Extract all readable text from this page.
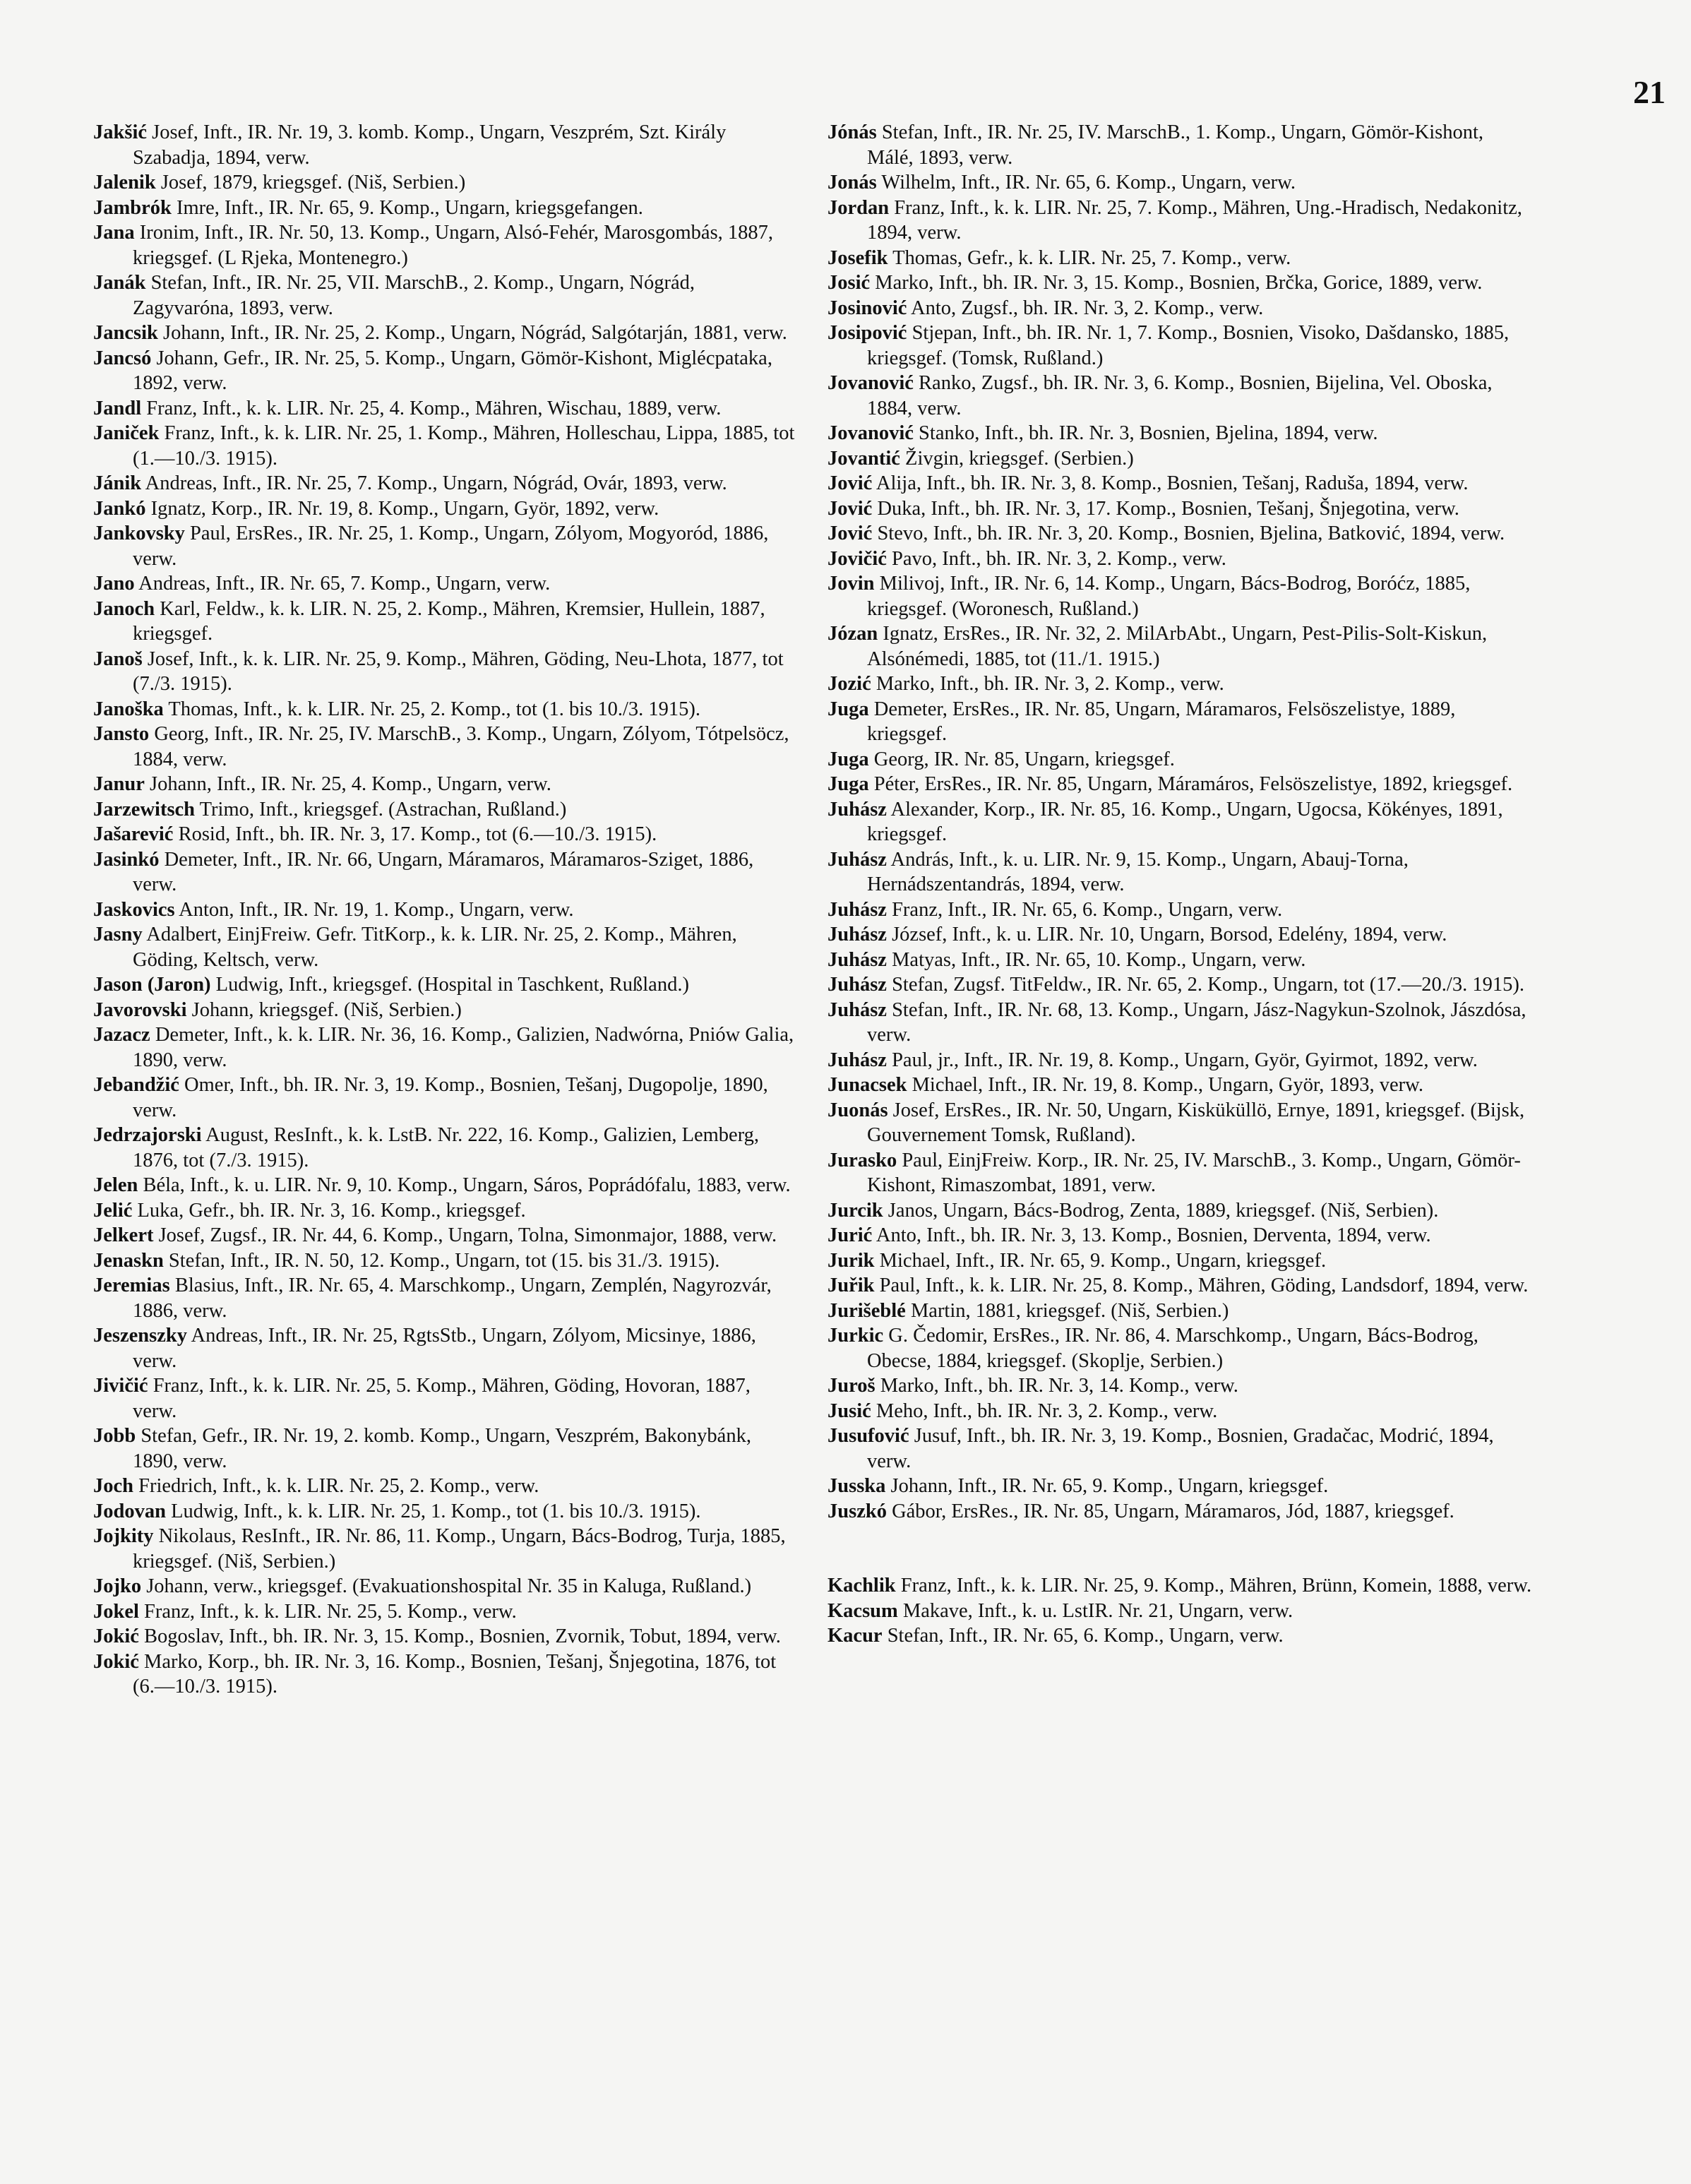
21

Jakšić Josef, Inft., IR. Nr. 19, 3. komb. Komp., Ungarn, Veszprém, Szt. Király Szabadja, 1894, verw.

Jalenik Josef, 1879, kriegsgef. (Niš, Serbien.)

Jambrók Imre, Inft., IR. Nr. 65, 9. Komp., Ungarn, kriegsgefangen.

Jana Ironim, Inft., IR. Nr. 50, 13. Komp., Ungarn, Alsó-Fehér, Marosgombás, 1887, kriegsgef. (L Rjeka, Montenegro.)

Janák Stefan, Inft., IR. Nr. 25, VII. MarschB., 2. Komp., Ungarn, Nógrád, Zagyvaróna, 1893, verw.

Jancsik Johann, Inft., IR. Nr. 25, 2. Komp., Ungarn, Nógrád, Salgótarján, 1881, verw.

Jancsó Johann, Gefr., IR. Nr. 25, 5. Komp., Ungarn, Gömör-Kishont, Miglécpataka, 1892, verw.

Jandl Franz, Inft., k. k. LIR. Nr. 25, 4. Komp., Mähren, Wischau, 1889, verw.

Janiček Franz, Inft., k. k. LIR. Nr. 25, 1. Komp., Mähren, Holleschau, Lippa, 1885, tot (1.—10./3. 1915).

Jánik Andreas, Inft., IR. Nr. 25, 7. Komp., Ungarn, Nógrád, Ovár, 1893, verw.

Jankó Ignatz, Korp., IR. Nr. 19, 8. Komp., Ungarn, Györ, 1892, verw.

Jankovsky Paul, ErsRes., IR. Nr. 25, 1. Komp., Ungarn, Zólyom, Mogyoród, 1886, verw.

Jano Andreas, Inft., IR. Nr. 65, 7. Komp., Ungarn, verw.

Janoch Karl, Feldw., k. k. LIR. N. 25, 2. Komp., Mähren, Kremsier, Hullein, 1887, kriegsgef.

Janoš Josef, Inft., k. k. LIR. Nr. 25, 9. Komp., Mähren, Göding, Neu-Lhota, 1877, tot (7./3. 1915).

Janoška Thomas, Inft., k. k. LIR. Nr. 25, 2. Komp., tot (1. bis 10./3. 1915).

Jansto Georg, Inft., IR. Nr. 25, IV. MarschB., 3. Komp., Ungarn, Zólyom, Tótpelsöcz, 1884, verw.

Janur Johann, Inft., IR. Nr. 25, 4. Komp., Ungarn, verw.

Jarzewitsch Trimo, Inft., kriegsgef. (Astrachan, Rußland.)

Jašarević Rosid, Inft., bh. IR. Nr. 3, 17. Komp., tot (6.—10./3. 1915).

Jasinkó Demeter, Inft., IR. Nr. 66, Ungarn, Máramaros, Máramaros-Sziget, 1886, verw.

Jaskovics Anton, Inft., IR. Nr. 19, 1. Komp., Ungarn, verw.

Jasny Adalbert, EinjFreiw. Gefr. TitKorp., k. k. LIR. Nr. 25, 2. Komp., Mähren, Göding, Keltsch, verw.

Jason (Jaron) Ludwig, Inft., kriegsgef. (Hospital in Taschkent, Rußland.)

Javorovski Johann, kriegsgef. (Niš, Serbien.)

Jazacz Demeter, Inft., k. k. LIR. Nr. 36, 16. Komp., Galizien, Nadwórna, Pniów Galia, 1890, verw.

Jebandžić Omer, Inft., bh. IR. Nr. 3, 19. Komp., Bosnien, Tešanj, Dugopolje, 1890, verw.

Jedrzajorski August, ResInft., k. k. LstB. Nr. 222, 16. Komp., Galizien, Lemberg, 1876, tot (7./3. 1915).

Jelen Béla, Inft., k. u. LIR. Nr. 9, 10. Komp., Ungarn, Sáros, Poprádófalu, 1883, verw.

Jelić Luka, Gefr., bh. IR. Nr. 3, 16. Komp., kriegsgef.

Jelkert Josef, Zugsf., IR. Nr. 44, 6. Komp., Ungarn, Tolna, Simonmajor, 1888, verw.

Jenaskn Stefan, Inft., IR. N. 50, 12. Komp., Ungarn, tot (15. bis 31./3. 1915).

Jeremias Blasius, Inft., IR. Nr. 65, 4. Marschkomp., Ungarn, Zemplén, Nagyrozvár, 1886, verw.

Jeszenszky Andreas, Inft., IR. Nr. 25, RgtsStb., Ungarn, Zólyom, Micsinye, 1886, verw.

Jivičić Franz, Inft., k. k. LIR. Nr. 25, 5. Komp., Mähren, Göding, Hovoran, 1887, verw.

Jobb Stefan, Gefr., IR. Nr. 19, 2. komb. Komp., Ungarn, Veszprém, Bakonybánk, 1890, verw.

Joch Friedrich, Inft., k. k. LIR. Nr. 25, 2. Komp., verw.

Jodovan Ludwig, Inft., k. k. LIR. Nr. 25, 1. Komp., tot (1. bis 10./3. 1915).

Jojkity Nikolaus, ResInft., IR. Nr. 86, 11. Komp., Ungarn, Bács-Bodrog, Turja, 1885, kriegsgef. (Niš, Serbien.)

Jojko Johann, verw., kriegsgef. (Evakuationshospital Nr. 35 in Kaluga, Rußland.)

Jokel Franz, Inft., k. k. LIR. Nr. 25, 5. Komp., verw.

Jokić Bogoslav, Inft., bh. IR. Nr. 3, 15. Komp., Bosnien, Zvornik, Tobut, 1894, verw.

Jokić Marko, Korp., bh. IR. Nr. 3, 16. Komp., Bosnien, Tešanj, Šnjegotina, 1876, tot (6.—10./3. 1915).

Jónás Stefan, Inft., IR. Nr. 25, IV. MarschB., 1. Komp., Ungarn, Gömör-Kishont, Málé, 1893, verw.

Jonás Wilhelm, Inft., IR. Nr. 65, 6. Komp., Ungarn, verw.

Jordan Franz, Inft., k. k. LIR. Nr. 25, 7. Komp., Mähren, Ung.-Hradisch, Nedakonitz, 1894, verw.

Josefik Thomas, Gefr., k. k. LIR. Nr. 25, 7. Komp., verw.

Josić Marko, Inft., bh. IR. Nr. 3, 15. Komp., Bosnien, Brčka, Gorice, 1889, verw.

Josinović Anto, Zugsf., bh. IR. Nr. 3, 2. Komp., verw.

Josipović Stjepan, Inft., bh. IR. Nr. 1, 7. Komp., Bosnien, Visoko, Dašdansko, 1885, kriegsgef. (Tomsk, Rußland.)

Jovanović Ranko, Zugsf., bh. IR. Nr. 3, 6. Komp., Bosnien, Bijelina, Vel. Oboska, 1884, verw.

Jovanović Stanko, Inft., bh. IR. Nr. 3, Bosnien, Bjelina, 1894, verw.

Jovantić Živgin, kriegsgef. (Serbien.)

Jović Alija, Inft., bh. IR. Nr. 3, 8. Komp., Bosnien, Tešanj, Raduša, 1894, verw.

Jović Duka, Inft., bh. IR. Nr. 3, 17. Komp., Bosnien, Tešanj, Šnjegotina, verw.

Jović Stevo, Inft., bh. IR. Nr. 3, 20. Komp., Bosnien, Bjelina, Batković, 1894, verw.

Jovičić Pavo, Inft., bh. IR. Nr. 3, 2. Komp., verw.

Jovin Milivoj, Inft., IR. Nr. 6, 14. Komp., Ungarn, Bács-Bodrog, Boróćz, 1885, kriegsgef. (Woronesch, Rußland.)

Józan Ignatz, ErsRes., IR. Nr. 32, 2. MilArbAbt., Ungarn, Pest-Pilis-Solt-Kiskun, Alsónémedi, 1885, tot (11./1. 1915.)

Jozić Marko, Inft., bh. IR. Nr. 3, 2. Komp., verw.

Juga Demeter, ErsRes., IR. Nr. 85, Ungarn, Máramaros, Felsöszelistye, 1889, kriegsgef.

Juga Georg, IR. Nr. 85, Ungarn, kriegsgef.

Juga Péter, ErsRes., IR. Nr. 85, Ungarn, Máramáros, Felsöszelistye, 1892, kriegsgef.

Juhász Alexander, Korp., IR. Nr. 85, 16. Komp., Ungarn, Ugocsa, Kökényes, 1891, kriegsgef.

Juhász András, Inft., k. u. LIR. Nr. 9, 15. Komp., Ungarn, Abauj-Torna, Hernádszentandrás, 1894, verw.

Juhász Franz, Inft., IR. Nr. 65, 6. Komp., Ungarn, verw.

Juhász József, Inft., k. u. LIR. Nr. 10, Ungarn, Borsod, Edelény, 1894, verw.

Juhász Matyas, Inft., IR. Nr. 65, 10. Komp., Ungarn, verw.

Juhász Stefan, Zugsf. TitFeldw., IR. Nr. 65, 2. Komp., Ungarn, tot (17.—20./3. 1915).

Juhász Stefan, Inft., IR. Nr. 68, 13. Komp., Ungarn, Jász-Nagykun-Szolnok, Jászdósa, verw.

Juhász Paul, jr., Inft., IR. Nr. 19, 8. Komp., Ungarn, Györ, Gyirmot, 1892, verw.

Junacsek Michael, Inft., IR. Nr. 19, 8. Komp., Ungarn, Györ, 1893, verw.

Juonás Josef, ErsRes., IR. Nr. 50, Ungarn, Kisküküllö, Ernye, 1891, kriegsgef. (Bijsk, Gouvernement Tomsk, Rußland).

Jurasko Paul, EinjFreiw. Korp., IR. Nr. 25, IV. MarschB., 3. Komp., Ungarn, Gömör-Kishont, Rimaszombat, 1891, verw.

Jurcik Janos, Ungarn, Bács-Bodrog, Zenta, 1889, kriegsgef. (Niš, Serbien).

Jurić Anto, Inft., bh. IR. Nr. 3, 13. Komp., Bosnien, Derventa, 1894, verw.

Jurik Michael, Inft., IR. Nr. 65, 9. Komp., Ungarn, kriegsgef.

Juřik Paul, Inft., k. k. LIR. Nr. 25, 8. Komp., Mähren, Göding, Landsdorf, 1894, verw.

Jurišeblé Martin, 1881, kriegsgef. (Niš, Serbien.)

Jurkic G. Čedomir, ErsRes., IR. Nr. 86, 4. Marschkomp., Ungarn, Bács-Bodrog, Obecse, 1884, kriegsgef. (Skoplje, Serbien.)

Juroš Marko, Inft., bh. IR. Nr. 3, 14. Komp., verw.

Jusić Meho, Inft., bh. IR. Nr. 3, 2. Komp., verw.

Jusufović Jusuf, Inft., bh. IR. Nr. 3, 19. Komp., Bosnien, Gradačac, Modrić, 1894, verw.

Jusska Johann, Inft., IR. Nr. 65, 9. Komp., Ungarn, kriegsgef.

Juszkó Gábor, ErsRes., IR. Nr. 85, Ungarn, Máramaros, Jód, 1887, kriegsgef.

Kachlik Franz, Inft., k. k. LIR. Nr. 25, 9. Komp., Mähren, Brünn, Komein, 1888, verw.

Kacsum Makave, Inft., k. u. LstIR. Nr. 21, Ungarn, verw.

Kacur Stefan, Inft., IR. Nr. 65, 6. Komp., Ungarn, verw.
